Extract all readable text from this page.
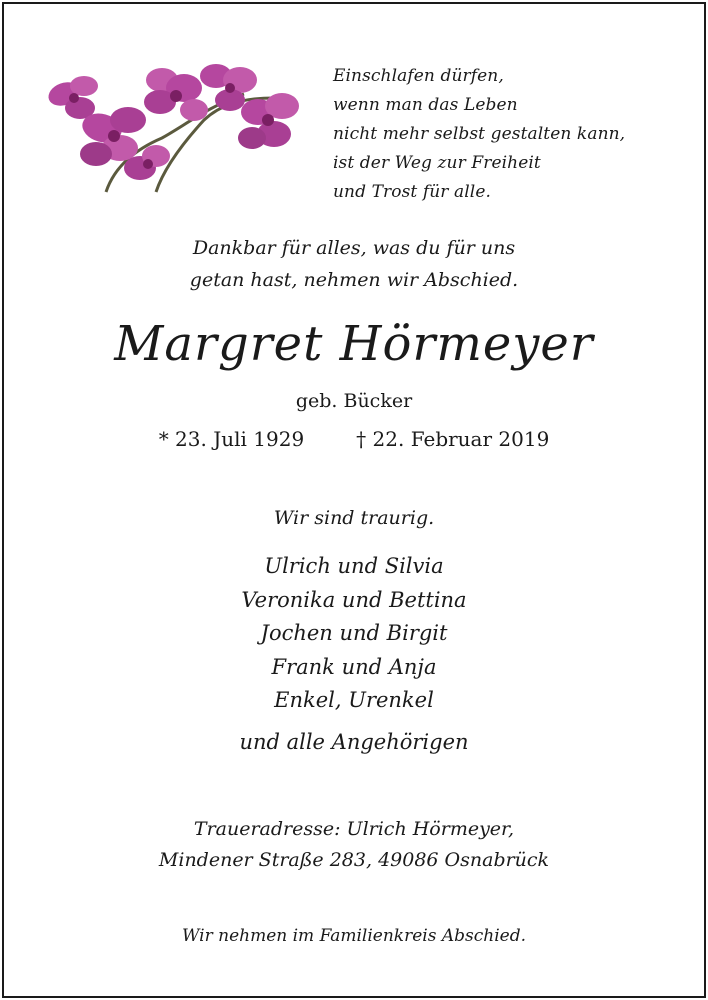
Einschlafen dürfen,
wenn man das Leben
nicht mehr selbst gestalten kann,
ist der Weg zur Freiheit
und Trost für alle.
Dankbar für alles, was du für uns
getan hast, nehmen wir Abschied.
Margret Hörmeyer
geb. Bücker
* 23. Juli 1929	† 22. Februar 2019
Wir sind traurig.
Ulrich und Silvia
Veronika und Bettina
Jochen und Birgit
Frank und Anja
Enkel, Urenkel
und alle Angehörigen
Traueradresse: Ulrich Hörmeyer,
Mindener Straße 283, 49086 Osnabrück
Wir nehmen im Familienkreis Abschied.
